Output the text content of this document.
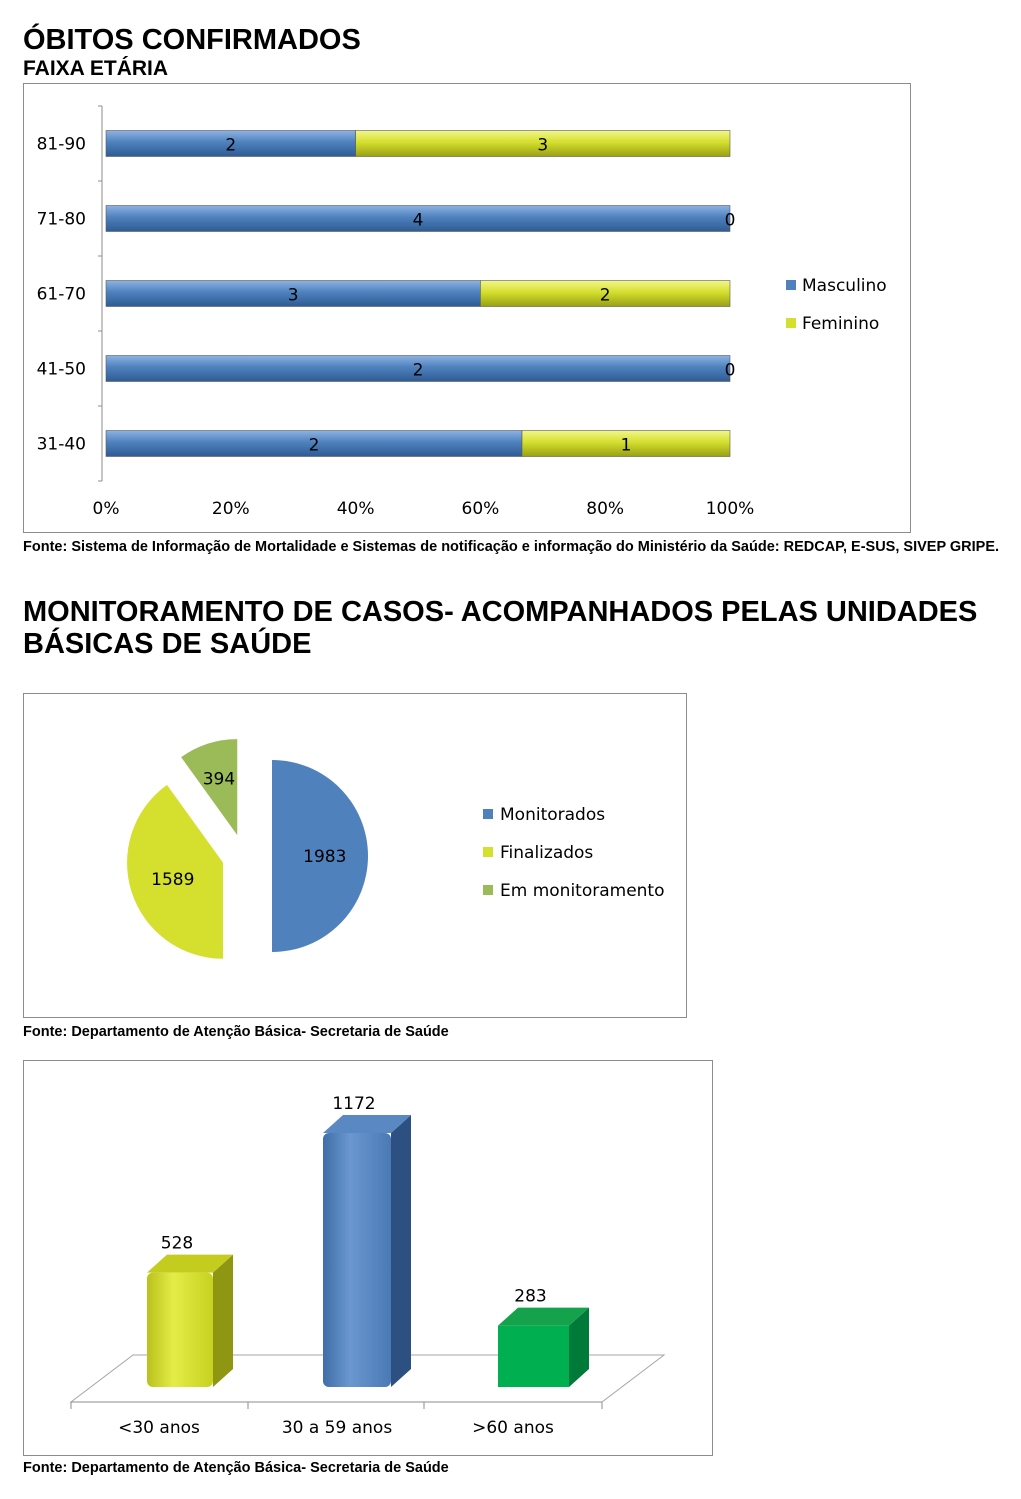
ÓBITOS CONFIRMADOS
FAIXA ETÁRIA
0%	20%	40%	60%	80%	100%
81-90
71-80
61-70
41-50
31-40
2	3
4	0
3	2
2	0
2	1
Masculino
Feminino
Fonte: Sistema de Informação de Mortalidade e Sistemas de notificação e informação do Ministério da Saúde: REDCAP, E-SUS, SIVEP GRIPE.
MONITORAMENTO DE CASOS- ACOMPANHADOS PELAS UNIDADES BÁSICAS DE SAÚDE
1983
1589
394
Monitorados
Finalizados
Em monitoramento
Fonte: Departamento de Atenção Básica- Secretaria de Saúde
528
1172
283
<30 anos	30 a 59 anos	>60 anos
Fonte: Departamento de Atenção Básica- Secretaria de Saúde
